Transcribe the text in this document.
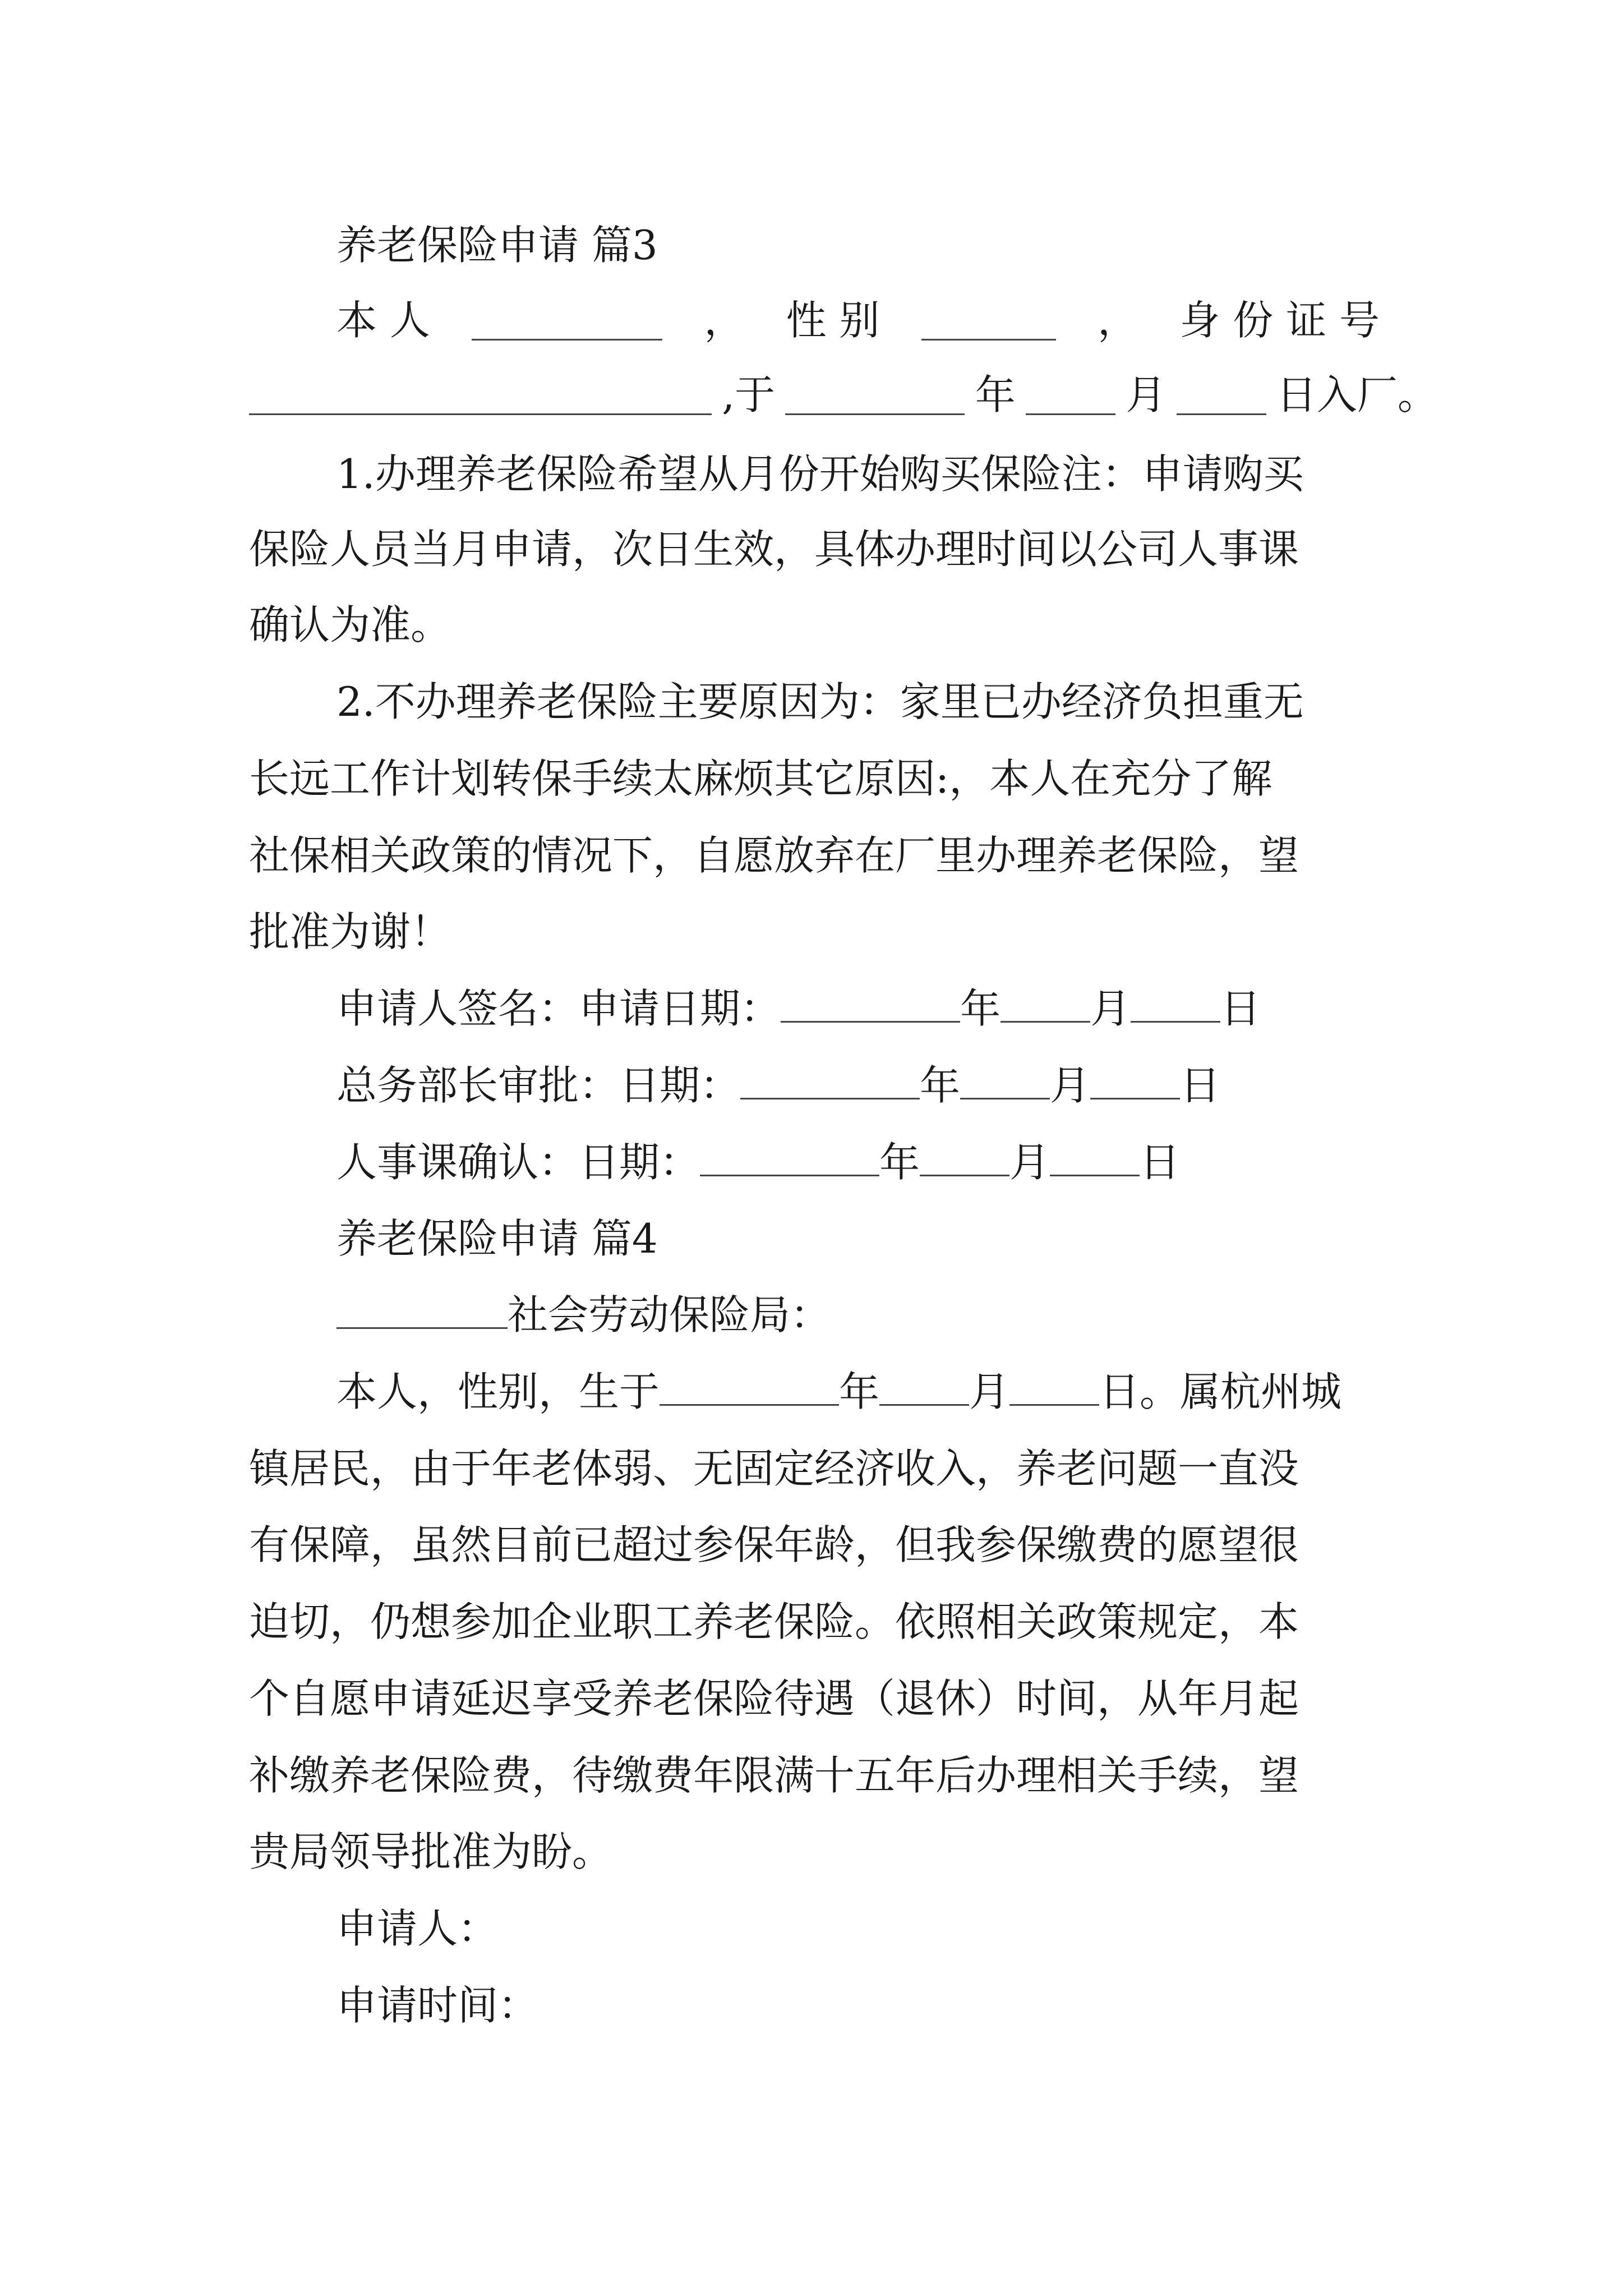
养老保险申请 篇3
本 人	， 性 别	， 身 份 证 号
,于	年	月	日入厂。
1.办理养老保险希望从月份开始购买保险注：申请购买
保险人员当月申请，次日生效，具体办理时间以公司人事课
确认为准。
2.不办理养老保险主要原因为：家里已办经济负担重无
长远工作计划转保手续太麻烦其它原因:，本人在充分了解
社保相关政策的情况下，自愿放弃在厂里办理养老保险，望
批准为谢！
申请人签名：申请日期：	年 月 日
总务部长审批：日期：	年 月 日
人事课确认：日期：	年 月 日
养老保险申请 篇4
社会劳动保险局：
本人，性别，生于	年 月 日。属杭州城
镇居民，由于年老体弱、无固定经济收入，养老问题一直没
有保障，虽然目前已超过参保年龄，但我参保缴费的愿望很
迫切，仍想参加企业职工养老保险。依照相关政策规定，本
个自愿申请延迟享受养老保险待遇（退休）时间，从年月起
补缴养老保险费，待缴费年限满十五年后办理相关手续，望
贵局领导批准为盼。
申请人：
申请时间：
